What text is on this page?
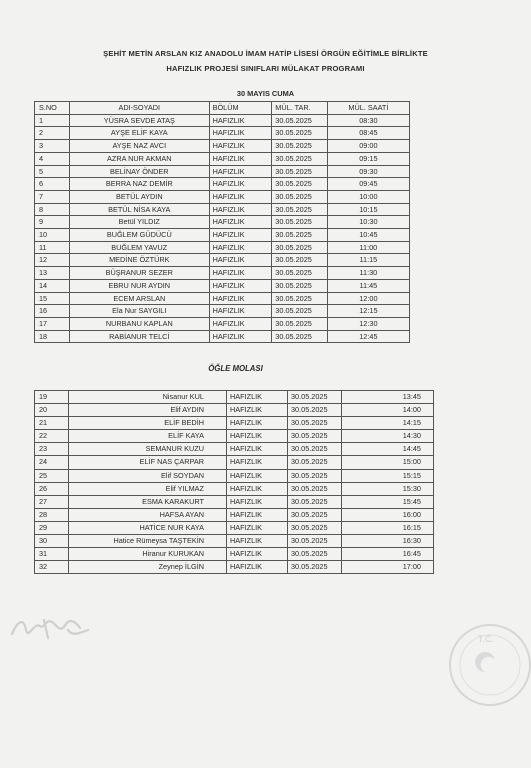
ŞEHİT METİN ARSLAN KIZ ANADOLU İMAM HATİP LİSESİ ÖRGÜN EĞİTİMLE BİRLİKTE
HAFIZLIK PROJESİ SINIFLARI MÜLAKAT PROGRAMI
30 MAYIS CUMA
S.NO	ADI-SOYADI	BÖLÜM	MÜL. TAR.	MÜL. SAATİ
1	YÜSRA SEVDE ATAŞ	HAFIZLIK	30.05.2025	08:30
2	AYŞE ELİF KAYA	HAFIZLIK	30.05.2025	08:45
3	AYŞE NAZ AVCI	HAFIZLIK	30.05.2025	09:00
4	AZRA NUR AKMAN	HAFIZLIK	30.05.2025	09:15
5	BELİNAY ÖNDER	HAFIZLIK	30.05.2025	09:30
6	BERRA NAZ DEMİR	HAFIZLIK	30.05.2025	09:45
7	BETÜL AYDIN	HAFIZLIK	30.05.2025	10:00
8	BETÜL NİSA KAYA	HAFIZLIK	30.05.2025	10:15
9	Betül YILDIZ	HAFIZLIK	30.05.2025	10:30
10	BUĞLEM GÜDÜCÜ	HAFIZLIK	30.05.2025	10:45
11	BUĞLEM YAVUZ	HAFIZLIK	30.05.2025	11:00
12	MEDİNE ÖZTÜRK	HAFIZLIK	30.05.2025	11:15
13	BÜŞRANUR SEZER	HAFIZLIK	30.05.2025	11:30
14	EBRU NUR AYDIN	HAFIZLIK	30.05.2025	11:45
15	ECEM ARSLAN	HAFIZLIK	30.05.2025	12:00
16	Ela Nur SAYGILI	HAFIZLIK	30.05.2025	12:15
17	NURBANU KAPLAN	HAFIZLIK	30.05.2025	12:30
18	RABİANUR TELCİ	HAFIZLIK	30.05.2025	12:45
ÖĞLE MOLASI
19	Nisanur KUL	HAFIZLIK	30.05.2025	13:45
20	Elif AYDIN	HAFIZLIK	30.05.2025	14:00
21	ELİF BEDİH	HAFIZLIK	30.05.2025	14:15
22	ELİF KAYA	HAFIZLIK	30.05.2025	14:30
23	SEMANUR KUZU	HAFIZLIK	30.05.2025	14:45
24	ELİF NAS ÇARPAR	HAFIZLIK	30.05.2025	15:00
25	Elif SOYDAN	HAFIZLIK	30.05.2025	15:15
26	Elif YILMAZ	HAFIZLIK	30.05.2025	15:30
27	ESMA KARAKURT	HAFIZLIK	30.05.2025	15:45
28	HAFSA AYAN	HAFIZLIK	30.05.2025	16:00
29	HATİCE NUR KAYA	HAFIZLIK	30.05.2025	16:15
30	Hatice Rümeysa TAŞTEKİN	HAFIZLIK	30.05.2025	16:30
31	Hiranur KURUKAN	HAFIZLIK	30.05.2025	16:45
32	Zeynep İLGİN	HAFIZLIK	30.05.2025	17:00
T.C.
